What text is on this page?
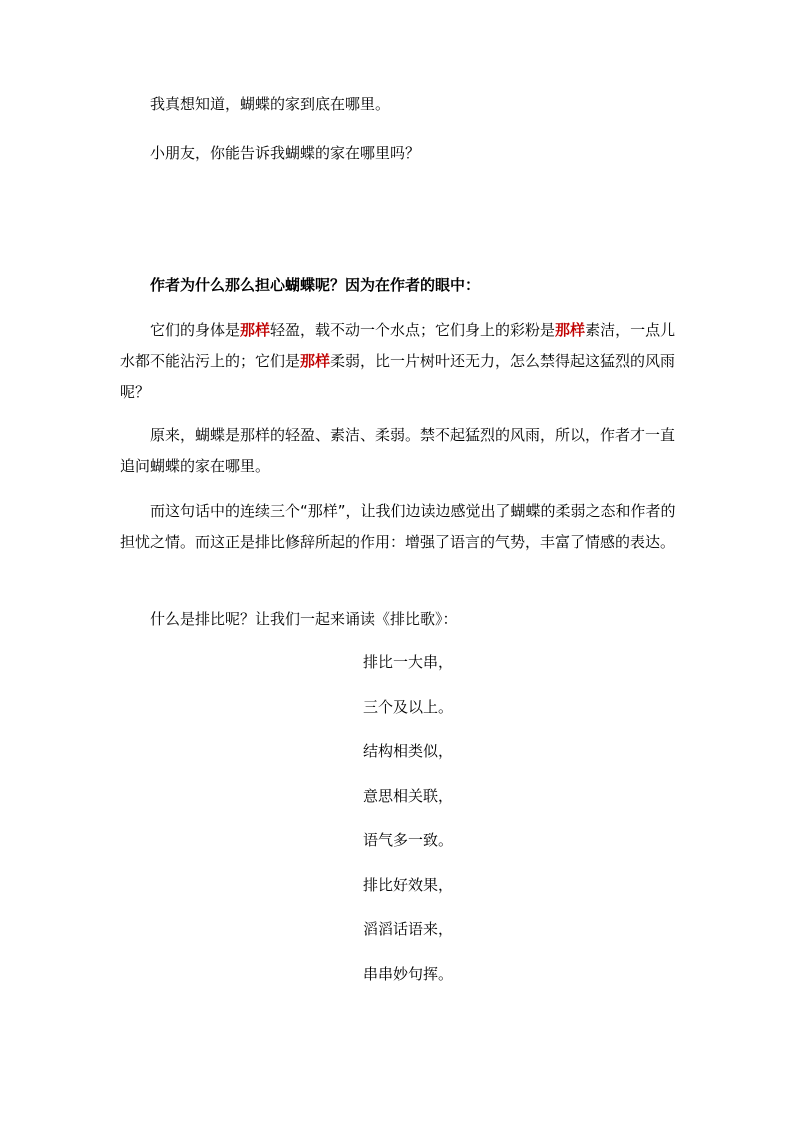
我真想知道，蝴蝶的家到底在哪里。

小朋友，你能告诉我蝴蝶的家在哪里吗？

作者为什么那么担心蝴蝶呢？因为在作者的眼中：

它们的身体是那样轻盈，载不动一个水点；它们身上的彩粉是那样素洁，一点儿水都不能沾污上的；它们是那样柔弱，比一片树叶还无力，怎么禁得起这猛烈的风雨呢？

原来，蝴蝶是那样的轻盈、素洁、柔弱。禁不起猛烈的风雨，所以，作者才一直追问蝴蝶的家在哪里。

而这句话中的连续三个“那样”，让我们边读边感觉出了蝴蝶的柔弱之态和作者的担忧之情。而这正是排比修辞所起的作用：增强了语言的气势，丰富了情感的表达。

什么是排比呢？让我们一起来诵读《排比歌》：

排比一大串，
三个及以上。
结构相类似，
意思相关联，
语气多一致。
排比好效果，
滔滔话语来，
串串妙句挥。
